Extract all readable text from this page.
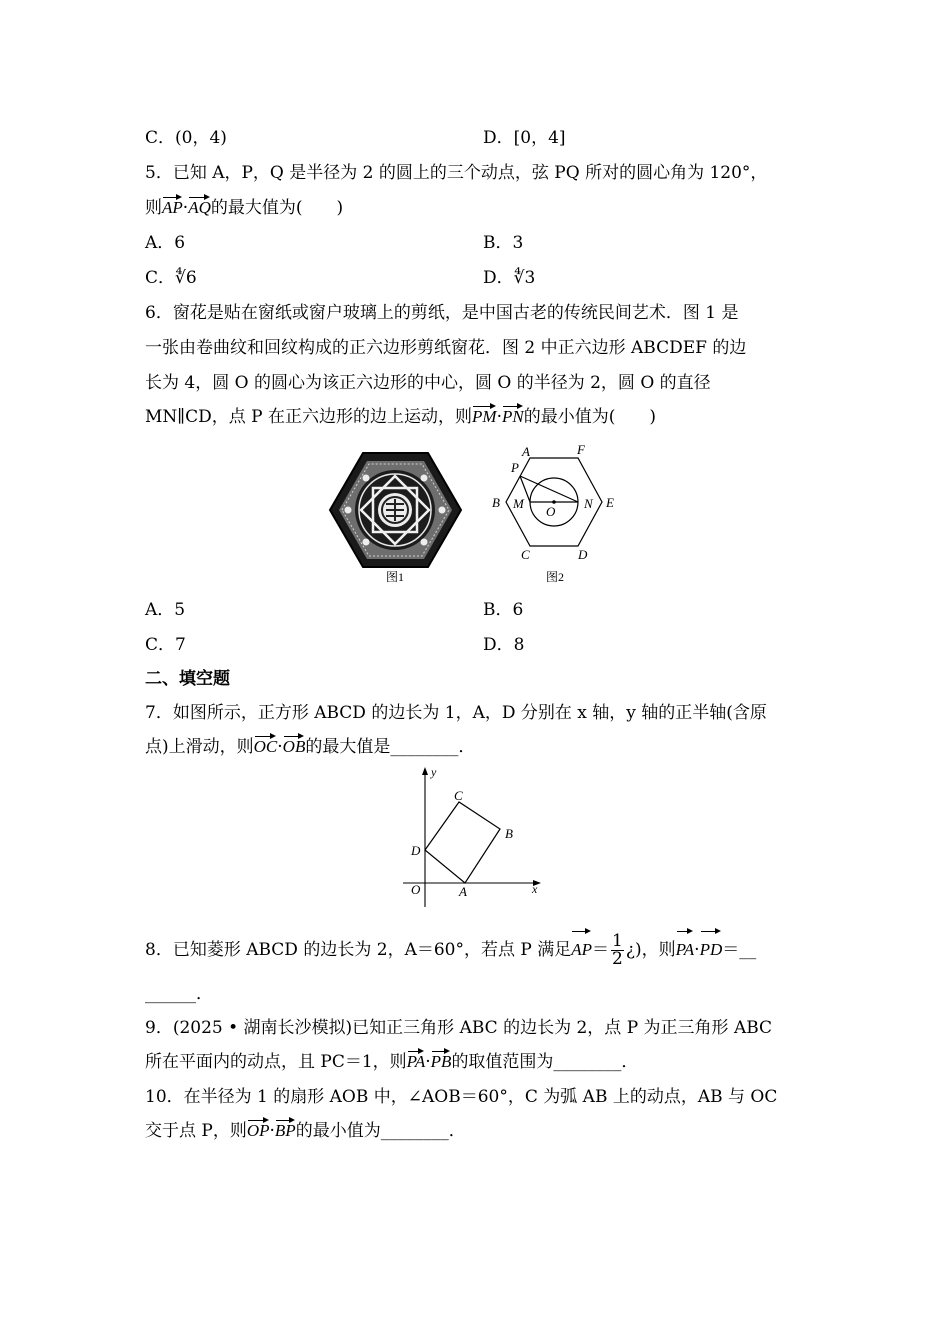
C．(0，4)	D．[0，4]
5．已知 A，P，Q 是半径为 2 的圆上的三个动点，弦 PQ 所对的圆心角为 120°，
则AP·AQ的最大值为(　　)
A．6	B．3
C．∜6	D．∜3
6．窗花是贴在窗纸或窗户玻璃上的剪纸，是中国古老的传统民间艺术．图 1 是
一张由卷曲纹和回纹构成的正六边形剪纸窗花．图 2 中正六边形 ABCDEF 的边
长为 4，圆 O 的圆心为该正六边形的中心，圆 O 的半径为 2，圆 O 的直径
MN∥CD，点 P 在正六边形的边上运动，则PM·PN的最小值为(　　)
图1
A
P
F
B	E
M	N
O
C	D
图2
A．5	B．6
C．7	D．8
二、填空题
7．如图所示，正方形 ABCD 的边长为 1，A，D 分别在 x 轴，y 轴的正半轴(含原
点)上滑动，则OC·OB的最大值是________．
y
x
O	A
B
C
D
8．已知菱形 ABCD 的边长为 2，A＝60°，若点 P 满足$AP= \frac{1}{2}$ ¿)，则PA·PD＝__
______．
9．(2025 • 湖南长沙模拟)已知正三角形 ABC 的边长为 2，点 P 为正三角形 ABC
所在平面内的动点，且 PC＝1，则PA·PB的取值范围为________．
10．在半径为 1 的扇形 AOB 中，∠AOB＝60°，C 为弧 AB 上的动点，AB 与 OC
交于点 P，则OP·BP的最小值为________．
